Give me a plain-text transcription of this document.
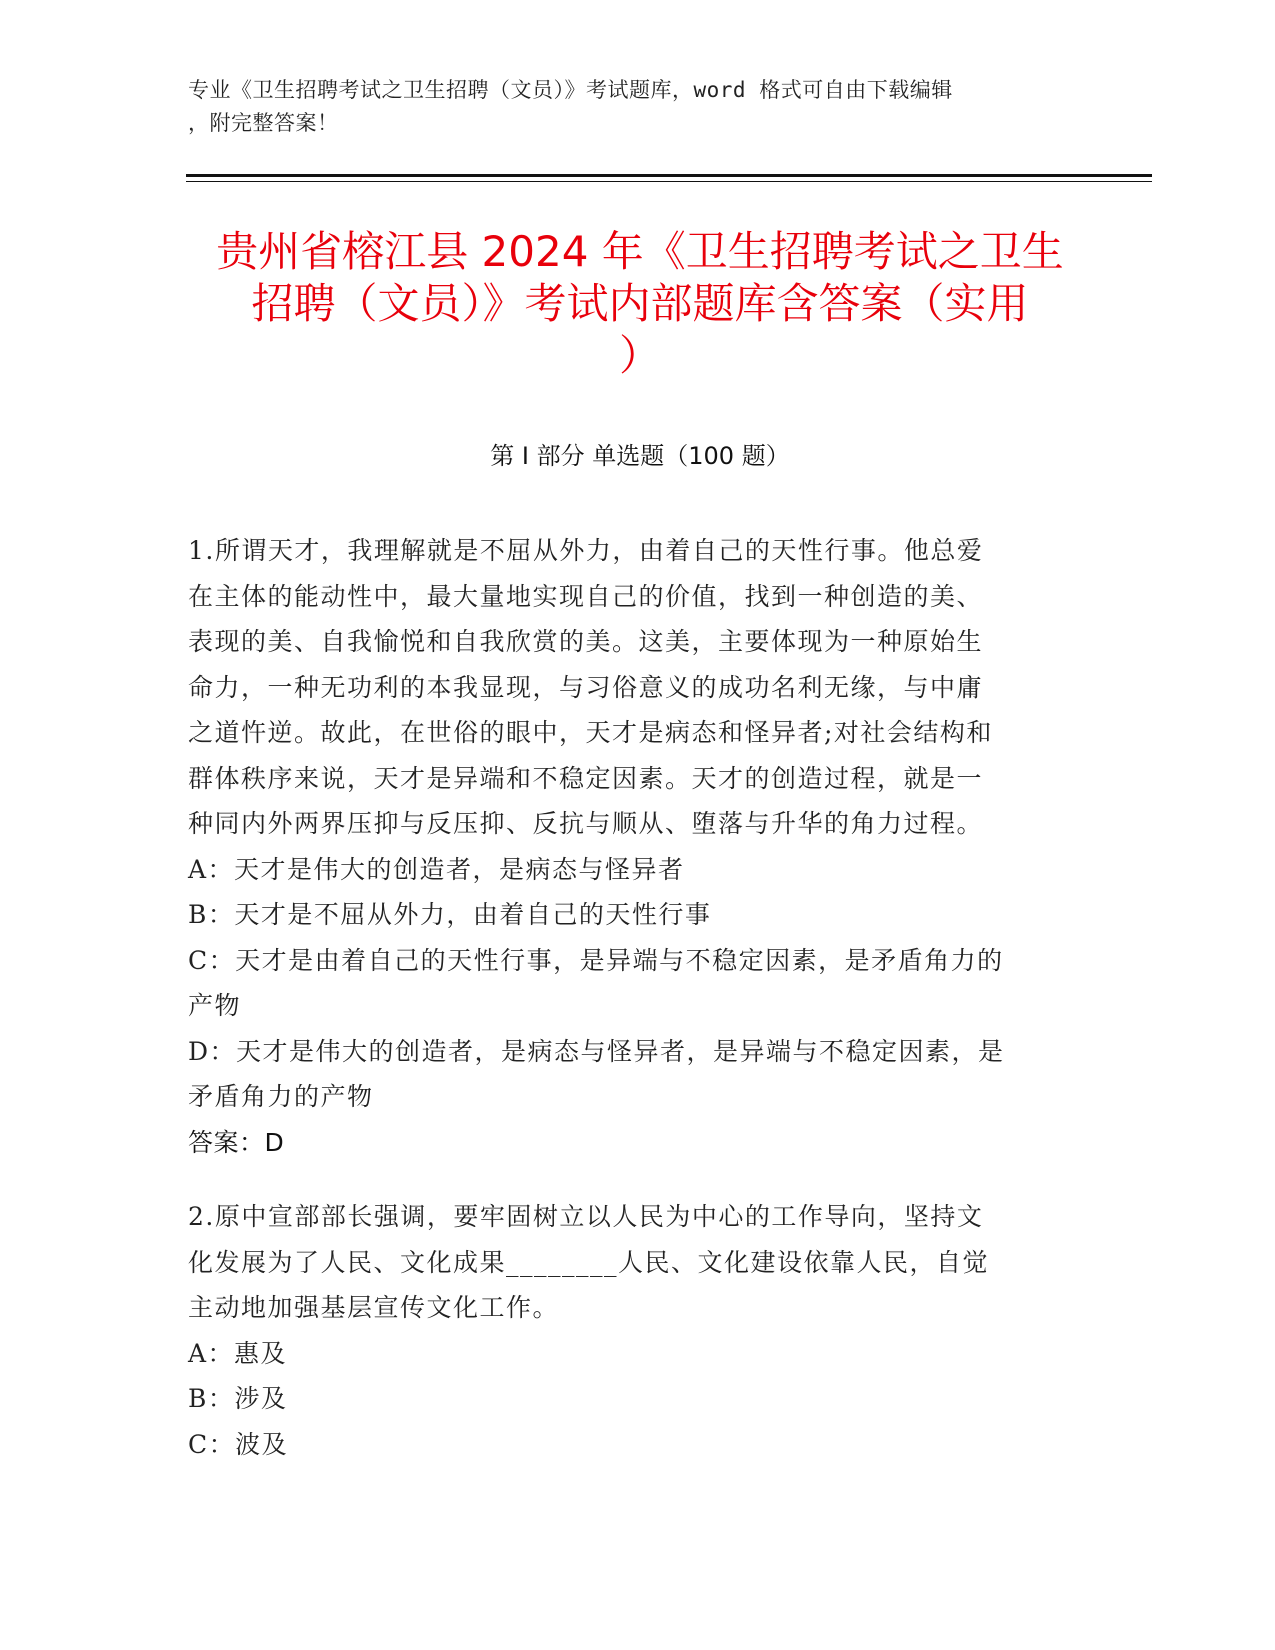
专业《卫生招聘考试之卫生招聘（文员）》考试题库，word 格式可自由下载编辑
，附完整答案！
贵州省榕江县 2024 年《卫生招聘考试之卫生
招聘（文员）》考试内部题库含答案（实用
）
第 I 部分 单选题（100 题）
1.所谓天才，我理解就是不屈从外力，由着自己的天性行事。他总爱
在主体的能动性中，最大量地实现自己的价值，找到一种创造的美、
表现的美、自我愉悦和自我欣赏的美。这美，主要体现为一种原始生
命力，一种无功利的本我显现，与习俗意义的成功名利无缘，与中庸
之道忤逆。故此，在世俗的眼中，天才是病态和怪异者;对社会结构和
群体秩序来说，天才是异端和不稳定因素。天才的创造过程，就是一
种同内外两界压抑与反压抑、反抗与顺从、堕落与升华的角力过程。
A：天才是伟大的创造者，是病态与怪异者
B：天才是不屈从外力，由着自己的天性行事
C：天才是由着自己的天性行事，是异端与不稳定因素，是矛盾角力的
产物
D：天才是伟大的创造者，是病态与怪异者，是异端与不稳定因素，是
矛盾角力的产物
答案：D
2.原中宣部部长强调，要牢固树立以人民为中心的工作导向，坚持文
化发展为了人民、文化成果________人民、文化建设依靠人民，自觉
主动地加强基层宣传文化工作。
A：惠及
B：涉及
C：波及
